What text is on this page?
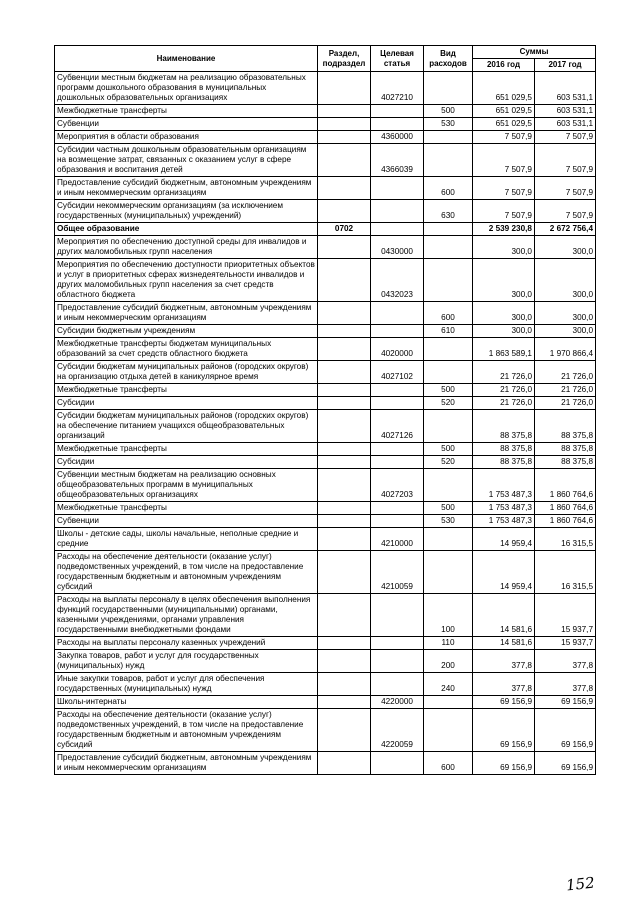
Наименование	Раздел, подраздел	Целевая статья	Вид расходов	Суммы	
				2016 год	2017 год
Субвенции местным бюджетам на реализацию образовательных программ дошкольного образования в муниципальных дошкольных образовательных организациях		4027210		651 029,5	603 531,1
Межбюджетные трансферты			500	651 029,5	603 531,1
Субвенции			530	651 029,5	603 531,1
Мероприятия в области образования		4360000		7 507,9	7 507,9
Субсидии частным дошкольным образовательным организациям на возмещение затрат, связанных с оказанием услуг в сфере образования и воспитания детей		4366039		7 507,9	7 507,9
Предоставление субсидий бюджетным, автономным учреждениям и иным некоммерческим организациям			600	7 507,9	7 507,9
Субсидии некоммерческим организациям (за исключением государственных (муниципальных) учреждений)			630	7 507,9	7 507,9
Общее образование	0702			2 539 230,8	2 672 756,4
Мероприятия по обеспечению доступной среды для инвалидов и других маломобильных групп населения		0430000		300,0	300,0
Мероприятия по обеспечению доступности приоритетных объектов и услуг в приоритетных сферах жизнедеятельности инвалидов и других маломобильных групп населения за счет средств областного бюджета		0432023		300,0	300,0
Предоставление субсидий бюджетным, автономным учреждениям и иным некоммерческим организациям			600	300,0	300,0
Субсидии бюджетным учреждениям			610	300,0	300,0
Межбюджетные трансферты бюджетам муниципальных образований за счет средств областного бюджета		4020000		1 863 589,1	1 970 866,4
Субсидии бюджетам муниципальных районов (городских округов) на организацию отдыха детей в каникулярное время		4027102		21 726,0	21 726,0
Межбюджетные трансферты			500	21 726,0	21 726,0
Субсидии			520	21 726,0	21 726,0
Субсидии бюджетам муниципальных районов (городских округов) на обеспечение питанием учащихся общеобразовательных организаций		4027126		88 375,8	88 375,8
Межбюджетные трансферты			500	88 375,8	88 375,8
Субсидии			520	88 375,8	88 375,8
Субвенции местным бюджетам на реализацию основных общеобразовательных программ в муниципальных общеобразовательных организациях		4027203		1 753 487,3	1 860 764,6
Межбюджетные трансферты			500	1 753 487,3	1 860 764,6
Субвенции			530	1 753 487,3	1 860 764,6
Школы - детские сады, школы начальные, неполные средние и средние		4210000		14 959,4	16 315,5
Расходы на обеспечение деятельности (оказание услуг) подведомственных учреждений, в том числе на предоставление государственным бюджетным и автономным учреждениям субсидий		4210059		14 959,4	16 315,5
Расходы на выплаты персоналу в целях обеспечения выполнения функций государственными (муниципальными) органами, казенными учреждениями, органами управления государственными внебюджетными фондами			100	14 581,6	15 937,7
Расходы на выплаты персоналу казенных учреждений			110	14 581,6	15 937,7
Закупка товаров, работ и услуг для государственных (муниципальных) нужд			200	377,8	377,8
Иные закупки товаров, работ и услуг для обеспечения государственных (муниципальных) нужд			240	377,8	377,8
Школы-интернаты		4220000		69 156,9	69 156,9
Расходы на обеспечение деятельности (оказание услуг) подведомственных учреждений, в том числе на предоставление государственным бюджетным и автономным учреждениям субсидий		4220059		69 156,9	69 156,9
Предоставление субсидий бюджетным, автономным учреждениям и иным некоммерческим организациям			600	69 156,9	69 156,9
152
